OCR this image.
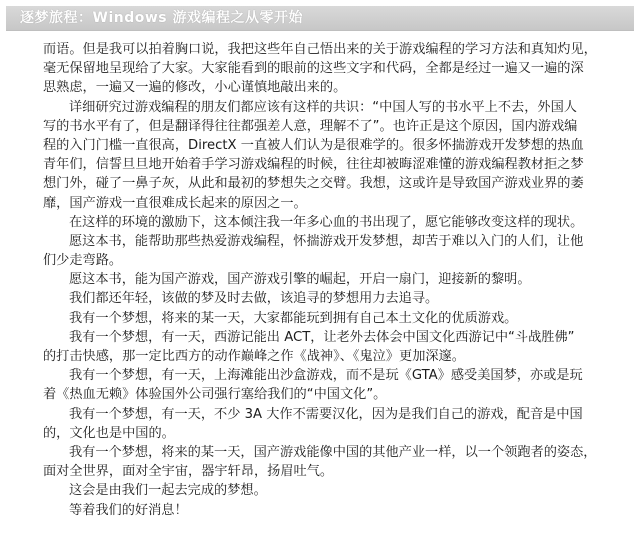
逐梦旅程：Windows 游戏编程之从零开始
而语。但是我可以拍着胸口说，我把这些年自己悟出来的关于游戏编程的学习方法和真知灼见，
毫无保留地呈现给了大家。大家能看到的眼前的这些文字和代码，全都是经过一遍又一遍的深
思熟虑，一遍又一遍的修改，小心谨慎地敲出来的。
详细研究过游戏编程的朋友们都应该有这样的共识：“中国人写的书水平上不去，外国人
写的书水平有了，但是翻译得往往都强差人意，理解不了”。也许正是这个原因，国内游戏编
程的入门门槛一直很高，DirectX 一直被人们认为是很难学的。很多怀揣游戏开发梦想的热血
青年们，信誓旦旦地开始着手学习游戏编程的时候，往往却被晦涩难懂的游戏编程教材拒之梦
想门外，碰了一鼻子灰，从此和最初的梦想失之交臂。我想，这或许是导致国产游戏业界的萎
靡，国产游戏一直很难成长起来的原因之一。
在这样的环境的激励下，这本倾注我一年多心血的书出现了，愿它能够改变这样的现状。
愿这本书，能帮助那些热爱游戏编程，怀揣游戏开发梦想，却苦于难以入门的人们，让他
们少走弯路。
愿这本书，能为国产游戏，国产游戏引擎的崛起，开启一扇门，迎接新的黎明。
我们都还年轻，该做的梦及时去做，该追寻的梦想用力去追寻。
我有一个梦想，将来的某一天，大家都能玩到拥有自己本土文化的优质游戏。
我有一个梦想，有一天，西游记能出 ACT，让老外去体会中国文化西游记中“斗战胜佛”
的打击快感，那一定比西方的动作巅峰之作《战神》、《鬼泣》更加深邃。
我有一个梦想，有一天，上海滩能出沙盒游戏，而不是玩《GTA》感受美国梦，亦或是玩
着《热血无赖》体验国外公司强行塞给我们的“中国文化”。
我有一个梦想，有一天，不少 3A 大作不需要汉化，因为是我们自己的游戏，配音是中国
的，文化也是中国的。
我有一个梦想，将来的某一天，国产游戏能像中国的其他产业一样，以一个领跑者的姿态，
面对全世界，面对全宇宙，器宇轩昂，扬眉吐气。
这会是由我们一起去完成的梦想。
等着我们的好消息！
